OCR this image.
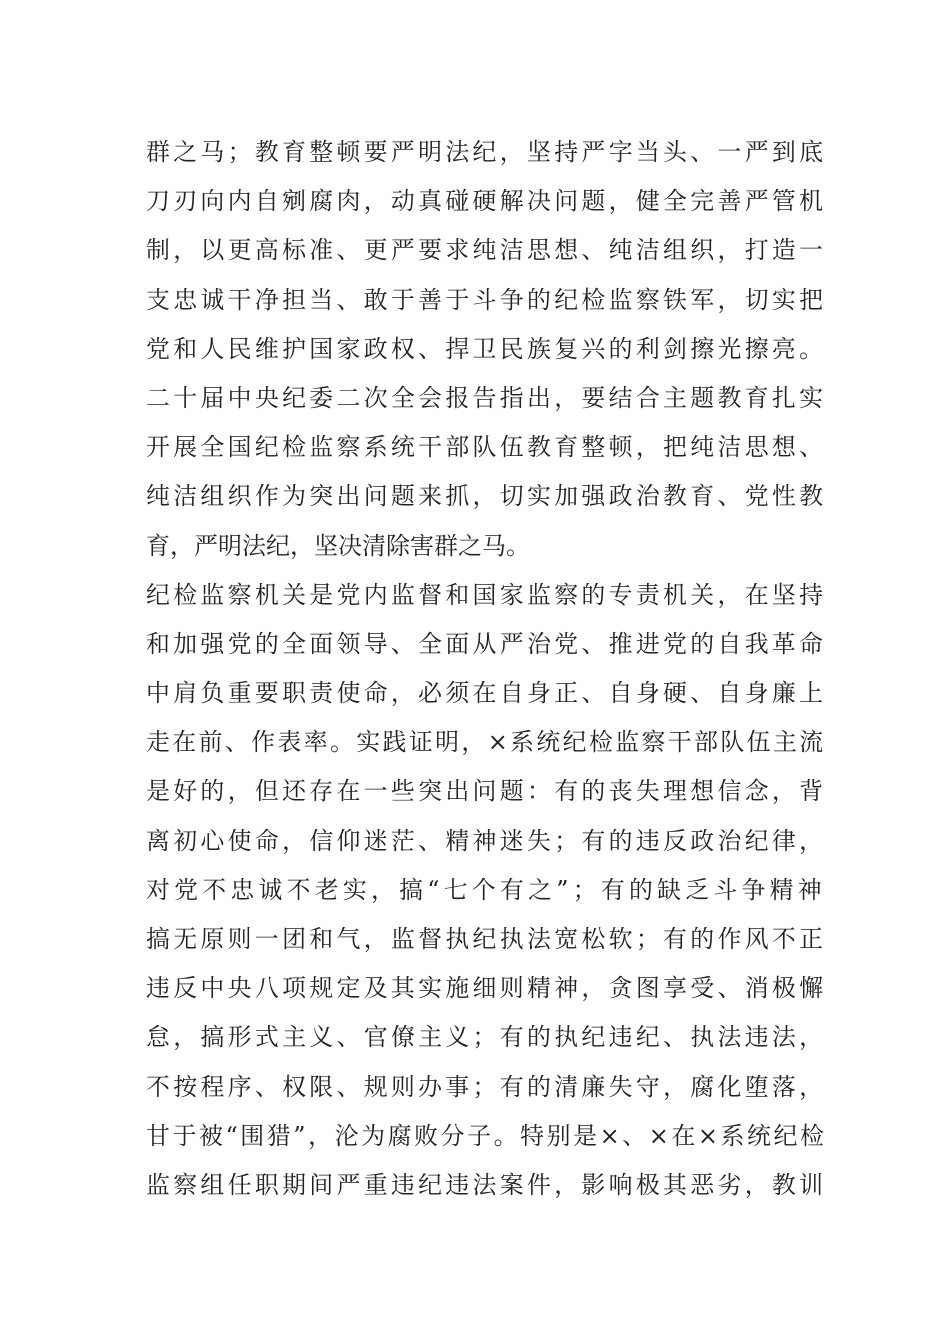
群之马；教育整顿要严明法纪，坚持严字当头、一严到底
刀刃向内自剜腐肉，动真碰硬解决问题，健全完善严管机
制，以更高标准、更严要求纯洁思想、纯洁组织，打造一
支忠诚干净担当、敢于善于斗争的纪检监察铁军，切实把
党和人民维护国家政权、捍卫民族复兴的利剑擦光擦亮。
二十届中央纪委二次全会报告指出，要结合主题教育扎实
开展全国纪检监察系统干部队伍教育整顿，把纯洁思想、
纯洁组织作为突出问题来抓，切实加强政治教育、党性教
育，严明法纪，坚决清除害群之马。
纪检监察机关是党内监督和国家监察的专责机关，在坚持
和加强党的全面领导、全面从严治党、推进党的自我革命
中肩负重要职责使命，必须在自身正、自身硬、自身廉上
走在前、作表率。实践证明，×系统纪检监察干部队伍主流
是好的，但还存在一些突出问题：有的丧失理想信念，背
离初心使命，信仰迷茫、精神迷失；有的违反政治纪律，
对党不忠诚不老实，搞“七个有之”；有的缺乏斗争精神
搞无原则一团和气，监督执纪执法宽松软；有的作风不正
违反中央八项规定及其实施细则精神，贪图享受、消极懈
怠，搞形式主义、官僚主义；有的执纪违纪、执法违法，
不按程序、权限、规则办事；有的清廉失守，腐化堕落，
甘于被“围猎”，沦为腐败分子。特别是×、×在×系统纪检
监察组任职期间严重违纪违法案件，影响极其恶劣，教训
